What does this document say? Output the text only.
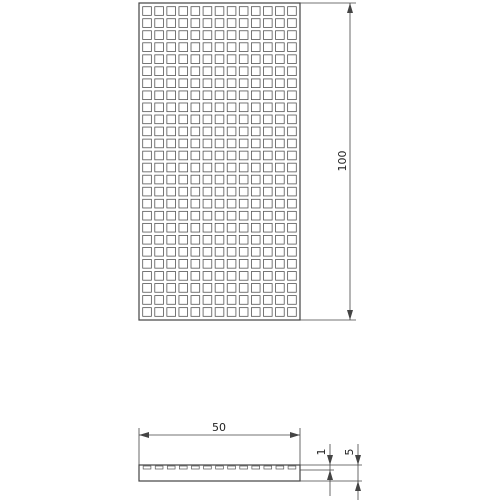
100
50
1 5
